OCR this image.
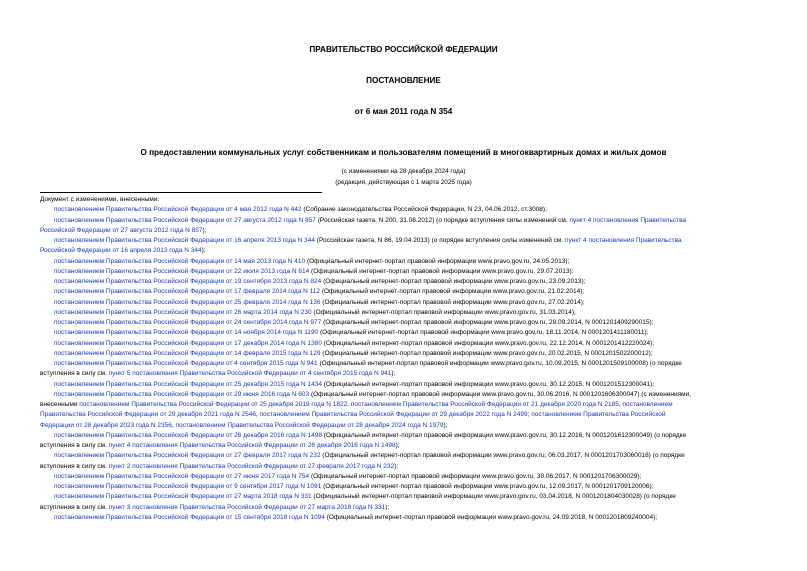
ПРАВИТЕЛЬСТВО РОССИЙСКОЙ ФЕДЕРАЦИИ
ПОСТАНОВЛЕНИЕ
от 6 мая 2011 года N 354
О предоставлении коммунальных услуг собственникам и пользователям помещений в многоквартирных домах и жилых домов
(с изменениями на 28 декабря 2024 года)
(редакция, действующая с 1 марта 2025 года)
Документ с изменениями, внесенными:
постановлением Правительства Российской Федерации от 4 мая 2012 года N 442 (Собрание законодательства Российской Федерации, N 23, 04.06.2012, ст.3008);
постановлением Правительства Российской Федерации от 27 августа 2012 года N 857 (Российская газета, N 200, 31.08.2012) (о порядке вступления силы изменений см. пункт 4 постановления Правительства
Российской Федерации от 27 августа 2012 года N 857);
постановлением Правительства Российской Федерации от 16 апреля 2013 года N 344 (Российская газета, N 86, 19.04.2013) (о порядке вступления силы изменений см. пункт 4 постановления Правительства
Российской Федерации от 16 апреля 2013 года N 344);
постановлением Правительства Российской Федерации от 14 мая 2013 года N 410 (Официальный интернет-портал правовой информации www.pravo.gov.ru, 24.05.2013);
постановлением Правительства Российской Федерации от 22 июля 2013 года N 614 (Официальный интернет-портал правовой информации www.pravo.gov.ru, 29.07.2013);
постановлением Правительства Российской Федерации от 19 сентября 2013 года N 824 (Официальный интернет-портал правовой информации www.pravo.gov.ru, 23.09.2013);
постановлением Правительства Российской Федерации от 17 февраля 2014 года N 112 (Официальный интернет-портал правовой информации www.pravo.gov.ru, 21.02.2014);
постановлением Правительства Российской Федерации от 25 февраля 2014 года N 136 (Официальный интернет-портал правовой информации www.pravo.gov.ru, 27.02.2014);
постановлением Правительства Российской Федерации от 26 марта 2014 года N 230 (Официальный интернет-портал правовой информации www.pravo.gov.ru, 31.03.2014);
постановлением Правительства Российской Федерации от 24 сентября 2014 года N 977 (Официальный интернет-портал правовой информации www.pravo.gov.ru, 29.09.2014, N 0001201409290015);
постановлением Правительства Российской Федерации от 14 ноября 2014 года N 1190 (Официальный интернет-портал правовой информации www.pravo.gov.ru, 18.11.2014, N 0001201411180011);
постановлением Правительства Российской Федерации от 17 декабря 2014 года N 1380 (Официальный интернет-портал правовой информации www.pravo.gov.ru, 22.12.2014, N 0001201412220024);
постановлением Правительства Российской Федерации от 14 февраля 2015 года N 129 (Официальный интернет-портал правовой информации www.pravo.gov.ru, 20.02.2015, N 0001201502200012);
постановлением Правительства Российской Федерации от 4 сентября 2015 года N 941 (Официальный интернет-портал правовой информации www.pravo.gov.ru, 10.09.2015, N 0001201509100008) (о порядке
вступления в силу см. пункт 5 постановления Правительства Российской Федерации от 4 сентября 2015 года N 941);
постановлением Правительства Российской Федерации от 25 декабря 2015 года N 1434 (Официальный интернет-портал правовой информации www.pravo.gov.ru, 30.12.2015, N 0001201512300041);
постановлением Правительства Российской Федерации от 29 июня 2016 года N 603 (Официальный интернет-портал правовой информации www.pravo.gov.ru, 30.06.2016, N 0001201606300047) (с изменениями,
внесенными постановлением Правительства Российской Федерации от 25 декабря 2019 года N 1822, постановлением Правительства Российской Федерации от 21 декабря 2020 года N 2185, постановлением
Правительства Российской Федерации от 29 декабря 2021 года N 2546, постановлением Правительства Российской Федерации от 29 декабря 2022 года N 2499; постановлением Правительства Российской
Федерации от 28 декабря 2023 года N 2356, постановлением Правительства Российской Федерации от 28 декабря 2024 года N 1979);
постановлением Правительства Российской Федерации от 26 декабря 2016 года N 1498 (Официальный интернет-портал правовой информации www.pravo.gov.ru, 30.12.2016, N 0001201612300049) (о порядке
вступления в силу см. пункт 4 постановления Правительства Российской Федерации от 26 декабря 2016 года N 1498);
постановлением Правительства Российской Федерации от 27 февраля 2017 года N 232 (Официальный интернет-портал правовой информации www.pravo.gov.ru, 06.03.2017, N 0001201703060018) (о порядке
вступления в силу см. пункт 2 постановления Правительства Российской Федерации от 27 февраля 2017 года N 232);
постановлением Правительства Российской Федерации от 27 июня 2017 года N 754 (Официальный интернет-портал правовой информации www.pravo.gov.ru, 30.06.2017, N 0001201706300029);
постановлением Правительства Российской Федерации от 9 сентября 2017 года N 1091 (Официальный интернет-портал правовой информации www.pravo.gov.ru, 12.09.2017, N 0001201709120006);
постановлением Правительства Российской Федерации от 27 марта 2018 года N 331 (Официальный интернет-портал правовой информации www.pravo.gov.ru, 03.04.2018, N 0001201804030028) (о порядке
вступления в силу см. пункт 3 постановления Правительства Российской Федерации от 27 марта 2018 года N 331);
постановлением Правительства Российской Федерации от 15 сентября 2018 года N 1094 (Официальный интернет-портал правовой информации www.pravo.gov.ru, 24.09.2018, N 0001201809240004);
